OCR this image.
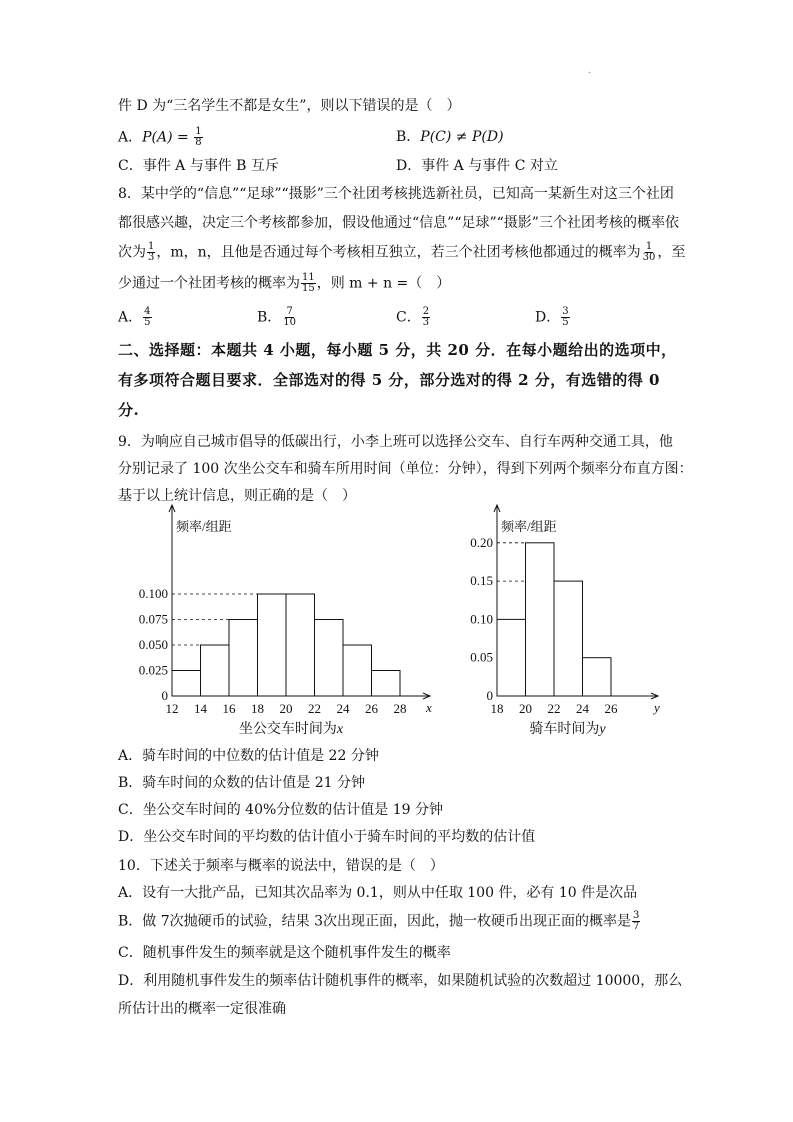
·
件 D 为“三名学生不都是女生”，则以下错误的是（　）
A．$P(A) = \frac{1}{8}$	B．P(C) ≠ P(D)
C．事件 A 与事件 B 互斥	D．事件 A 与事件 C 对立
8．某中学的“信息”“足球”“摄影”三个社团考核挑选新社员，已知高一某新生对这三个社团
都很感兴趣，决定三个考核都参加，假设他通过“信息”“足球”“摄影”三个社团考核的概率依
次为 $\frac{1}{3}$ ，m，n，且他是否通过每个考核相互独立，若三个社团考核他都通过的概率为 $\frac{1}{30}$ ，至
少通过一个社团考核的概率为 $\frac{11}{15}$ ，则 m + n =（　）
A． $\frac{4}{5}$	B． $\frac{7}{10}$	C． $\frac{2}{3}$	D． $\frac{3}{5}$
二、选择题：本题共 4 小题，每小题 5 分，共 20 分．在每小题给出的选项中，
有多项符合题目要求．全部选对的得 5 分，部分选对的得 2 分，有选错的得 0
分.
9．为响应自己城市倡导的低碳出行，小李上班可以选择公交车、自行车两种交通工具，他
分别记录了 100 次坐公交车和骑车所用时间（单位：分钟），得到下列两个频率分布直方图：
基于以上统计信息，则正确的是（　）
频率/组距
0
0.025
0.050
0.075
0.100
12 14 16 18 20 22 24 26 28 x
坐公交车时间为x
频率/组距
0
0.05
0.10
0.15
0.20
18 20 22 24 26	y
骑车时间为y
A．骑车时间的中位数的估计值是 22 分钟
B．骑车时间的众数的估计值是 21 分钟
C．坐公交车时间的 40%分位数的估计值是 19 分钟
D．坐公交车时间的平均数的估计值小于骑车时间的平均数的估计值
10．下述关于频率与概率的说法中，错误的是（　）
A．设有一大批产品，已知其次品率为 0.1，则从中任取 100 件，必有 10 件是次品
B．做 7次抛硬币的试验，结果 3次出现正面，因此，抛一枚硬币出现正面的概率是 $\frac{3}{7}$
C．随机事件发生的频率就是这个随机事件发生的概率
D．利用随机事件发生的频率估计随机事件的概率，如果随机试验的次数超过 10000，那么
所估计出的概率一定很准确
